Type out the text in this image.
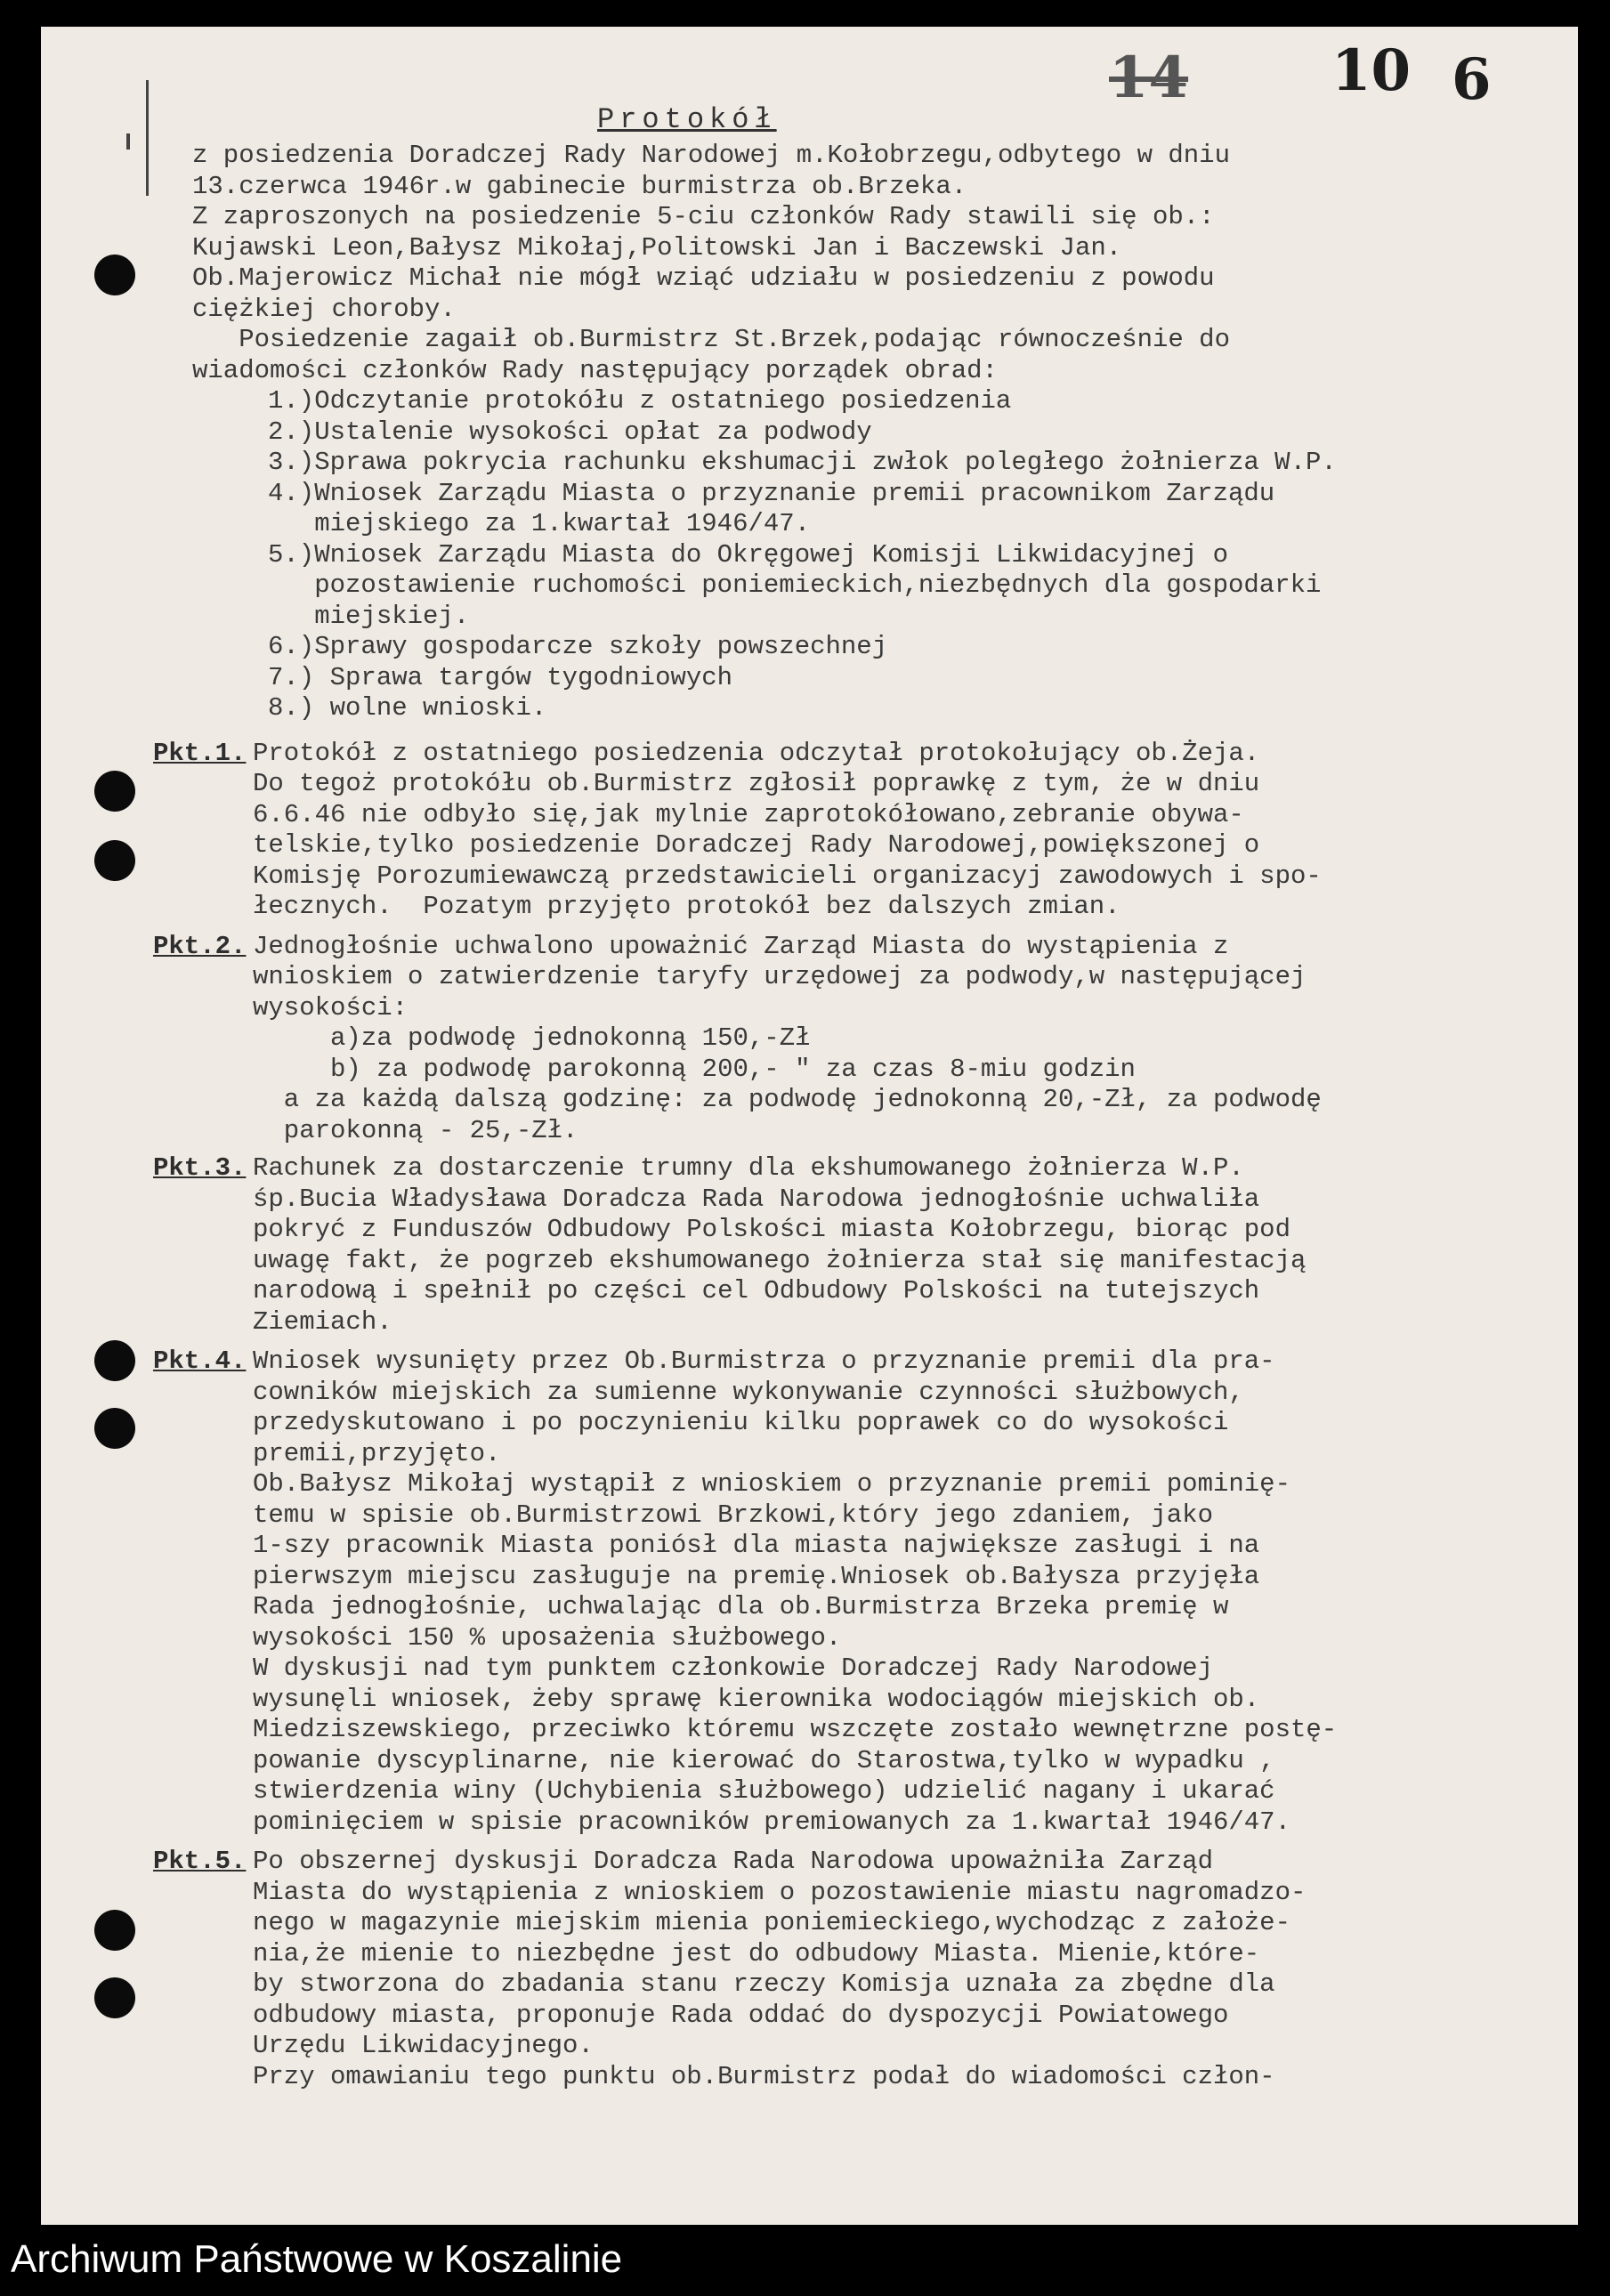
14	10 6
Protokół
z posiedzenia Doradczej Rady Narodowej m.Kołobrzegu,odbytego w dniu
13.czerwca 1946r.w gabinecie burmistrza ob.Brzeka.
Z zaproszonych na posiedzenie 5-ciu członków Rady stawili się ob.:
Kujawski Leon,Bałysz Mikołaj,Politowski Jan i Baczewski Jan.
Ob.Majerowicz Michał nie mógł wziąć udziału w posiedzeniu z powodu
ciężkiej choroby.
Posiedzenie zagaił ob.Burmistrz St.Brzek,podając równocześnie do
wiadomości członków Rady następujący porządek obrad:
1.)Odczytanie protokółu z ostatniego posiedzenia
2.)Ustalenie wysokości opłat za podwody
3.)Sprawa pokrycia rachunku ekshumacji zwłok poległego żołnierza W.P.
4.)Wniosek Zarządu Miasta o przyznanie premii pracownikom Zarządu
miejskiego za 1.kwartał 1946/47.
5.)Wniosek Zarządu Miasta do Okręgowej Komisji Likwidacyjnej o
pozostawienie ruchomości poniemieckich,niezbędnych dla gospodarki
miejskiej.
6.)Sprawy gospodarcze szkoły powszechnej
7.) Sprawa targów tygodniowych
8.) wolne wnioski.
Pkt.1. Protokół z ostatniego posiedzenia odczytał protokołujący ob.Żeja.
Do tegoż protokółu ob.Burmistrz zgłosił poprawkę z tym, że w dniu
6.6.46 nie odbyło się,jak mylnie zaprotokółowano,zebranie obywa-
telskie,tylko posiedzenie Doradczej Rady Narodowej,powiększonej o
Komisję Porozumiewawczą przedstawicieli organizacyj zawodowych i spo-
łecznych.  Pozatym przyjęto protokół bez dalszych zmian.
Pkt.2. Jednogłośnie uchwalono upoważnić Zarząd Miasta do wystąpienia z
wnioskiem o zatwierdzenie taryfy urzędowej za podwody,w następującej
wysokości:
a)za podwodę jednokonną 150,-Zł
b) za podwodę parokonną 200,- " za czas 8-miu godzin
a za każdą dalszą godzinę: za podwodę jednokonną 20,-Zł, za podwodę
parokonną - 25,-Zł.
Pkt.3. Rachunek za dostarczenie trumny dla ekshumowanego żołnierza W.P.
śp.Bucia Władysława Doradcza Rada Narodowa jednogłośnie uchwaliła
pokryć z Funduszów Odbudowy Polskości miasta Kołobrzegu, biorąc pod
uwagę fakt, że pogrzeb ekshumowanego żołnierza stał się manifestacją
narodową i spełnił po części cel Odbudowy Polskości na tutejszych
Ziemiach.
Pkt.4. Wniosek wysunięty przez Ob.Burmistrza o przyznanie premii dla pra-
cowników miejskich za sumienne wykonywanie czynności służbowych,
przedyskutowano i po poczynieniu kilku poprawek co do wysokości
premii,przyjęto.
Ob.Bałysz Mikołaj wystąpił z wnioskiem o przyznanie premii pominię-
temu w spisie ob.Burmistrzowi Brzkowi,który jego zdaniem, jako
1-szy pracownik Miasta poniósł dla miasta największe zasługi i na
pierwszym miejscu zasługuje na premię.Wniosek ob.Bałysza przyjęła
Rada jednogłośnie, uchwalając dla ob.Burmistrza Brzeka premię w
wysokości 150 % uposażenia służbowego.
W dyskusji nad tym punktem członkowie Doradczej Rady Narodowej
wysunęli wniosek, żeby sprawę kierownika wodociągów miejskich ob.
Miedziszewskiego, przeciwko któremu wszczęte zostało wewnętrzne postę-
powanie dyscyplinarne, nie kierować do Starostwa,tylko w wypadku ,
stwierdzenia winy (Uchybienia służbowego) udzielić nagany i ukarać
pominięciem w spisie pracowników premiowanych za 1.kwartał 1946/47.
Pkt.5. Po obszernej dyskusji Doradcza Rada Narodowa upoważniła Zarząd
Miasta do wystąpienia z wnioskiem o pozostawienie miastu nagromadzo-
nego w magazynie miejskim mienia poniemieckiego,wychodząc z założe-
nia,że mienie to niezbędne jest do odbudowy Miasta. Mienie,które-
by stworzona do zbadania stanu rzeczy Komisja uznała za zbędne dla
odbudowy miasta, proponuje Rada oddać do dyspozycji Powiatowego
Urzędu Likwidacyjnego.
Przy omawianiu tego punktu ob.Burmistrz podał do wiadomości człon-
Archiwum Państwowe w Koszalinie
